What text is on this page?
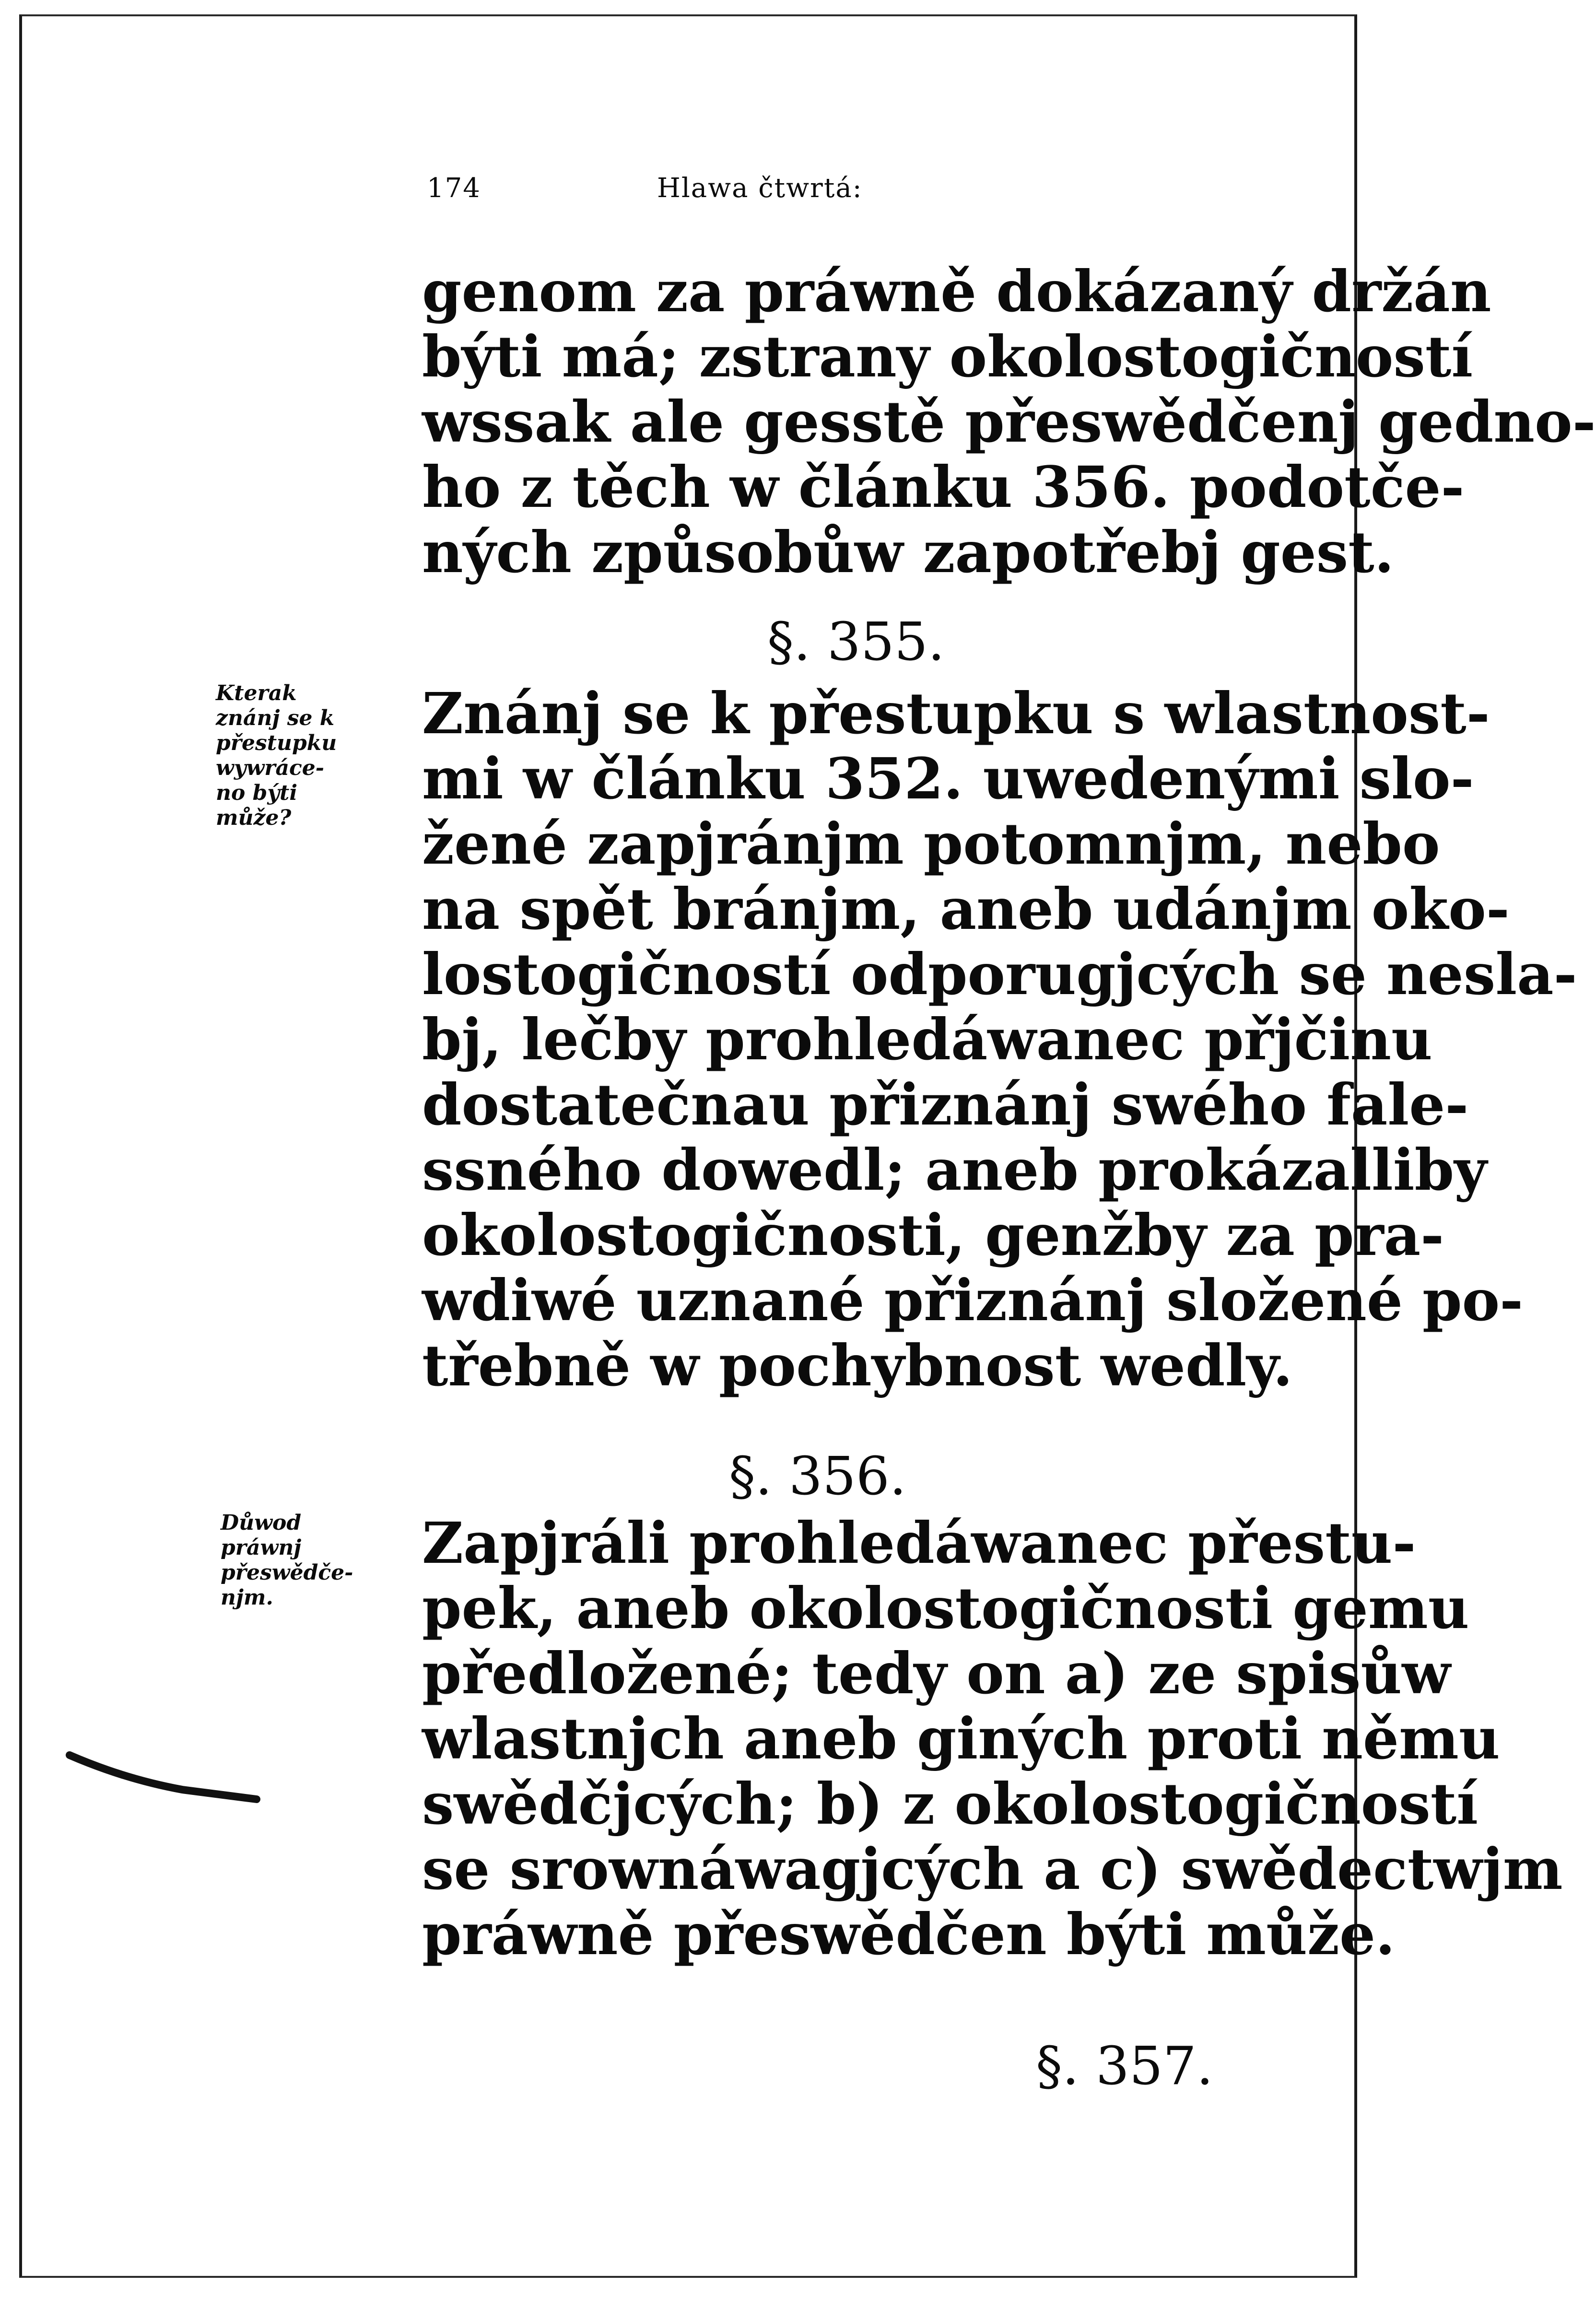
174	Hlawa čtwrtá:
genom za práwně dokázaný držán
býti má; zstrany okolostogičností
wssak ale gesstě přeswědčenj gedno-
ho z těch w článku 356. podotče-
ných způsobůw zapotřebj gest.
§. 355.
Znánj se k přestupku s wlastnost-
mi w článku 352. uwedenými slo-
žené zapjránjm potomnjm, nebo
na spět bránjm, aneb udánjm oko-
lostogičností odporugjcých se nesla-
bj, lečby prohledáwanec přjčinu
dostatečnau přiznánj swého fale-
ssného dowedl; aneb prokázalliby
okolostogičnosti, genžby za pra-
wdiwé uznané přiznánj složené po-
třebně w pochybnost wedly.
§. 356.
Zapjráli prohledáwanec přestu-
pek, aneb okolostogičnosti gemu
předložené; tedy on a) ze spisůw
wlastnjch aneb giných proti němu
swědčjcých; b) z okolostogičností
se srownáwagjcých a c) swědectwjm
práwně přeswědčen býti může.
§. 357.
Kterak
znánj se k
přestupku
wywráce-
no býti
může?
Důwod
práwnj
přeswědče-
njm.
